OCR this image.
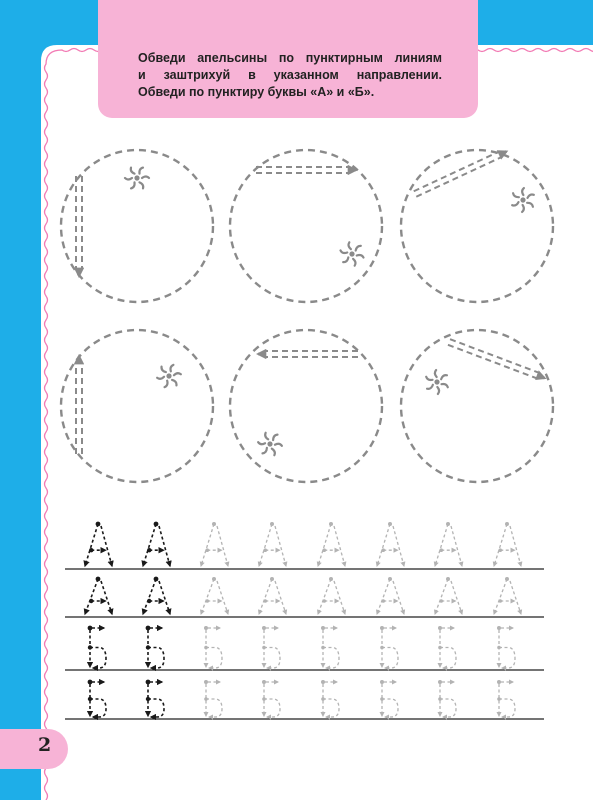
Обведи апельсины по пунктирным линиям
и заштрихуй в указанном направлении.
Обведи по пунктиру буквы «А» и «Б».

2
